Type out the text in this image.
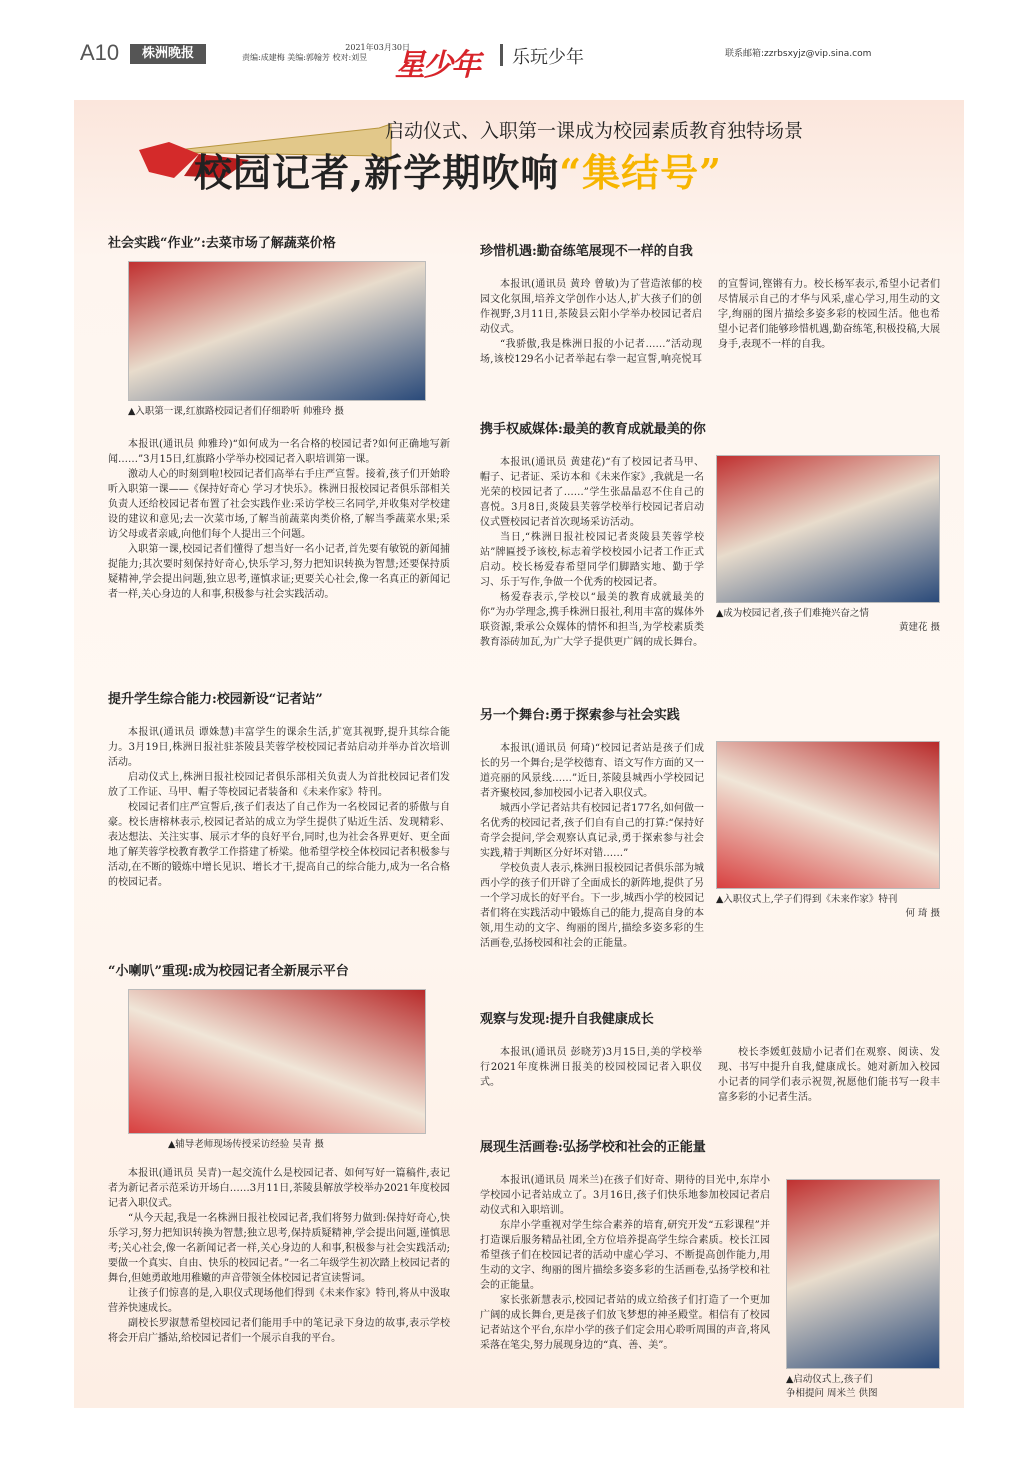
A10	株洲晚报	2021年03月30日
责编:成建梅 美编:郭翰芳 校对:刘昱 星少年 乐玩少年	联系邮箱:zzrbsxyjz@vip.sina.com
启动仪式、入职第一课成为校园素质教育独特场景
校园记者,新学期吹响“集结号”
社会实践“作业”:去菜市场了解蔬菜价格
▲入职第一课,红旗路校园记者们仔细聆听 帅雅玲 摄

本报讯(通讯员 帅雅玲)“如何成为一名合格的校园记者?如何正确地写新闻……”3月15日,红旗路小学举办校园记者入职培训第一课。

激动人心的时刻到啦!校园记者们高举右手庄严宣誓。接着,孩子们开始聆听入职第一课——《保持好奇心 学习才快乐》。株洲日报校园记者俱乐部相关负责人还给校园记者布置了社会实践作业:采访学校三名同学,并收集对学校建设的建议和意见;去一次菜市场,了解当前蔬菜肉类价格,了解当季蔬菜水果;采访父母或者亲戚,向他们每个人提出三个问题。

入职第一课,校园记者们懂得了想当好一名小记者,首先要有敏锐的新闻捕捉能力;其次要时刻保持好奇心,快乐学习,努力把知识转换为智慧;还要保持质疑精神,学会提出问题,独立思考,谨慎求证;更要关心社会,像一名真正的新闻记者一样,关心身边的人和事,积极参与社会实践活动。

提升学生综合能力:校园新设“记者站”

本报讯(通讯员 谭姝慧)丰富学生的课余生活,扩宽其视野,提升其综合能力。3月19日,株洲日报社驻茶陵县芙蓉学校校园记者站启动并举办首次培训活动。

启动仪式上,株洲日报社校园记者俱乐部相关负责人为首批校园记者们发放了工作证、马甲、帽子等校园记者装备和《未来作家》特刊。

校园记者们庄严宣誓后,孩子们表达了自己作为一名校园记者的骄傲与自豪。校长唐榕林表示,校园记者站的成立为学生提供了贴近生活、发现精彩、表达想法、关注实事、展示才华的良好平台,同时,也为社会各界更好、更全面地了解芙蓉学校教育教学工作搭建了桥梁。他希望学校全体校园记者积极参与活动,在不断的锻炼中增长见识、增长才干,提高自己的综合能力,成为一名合格的校园记者。

“小喇叭”重现:成为校园记者全新展示平台
▲辅导老师现场传授采访经验 吴青 摄

本报讯(通讯员 吴青)一起交流什么是校园记者、如何写好一篇稿件,表记者为新记者示范采访开场白……3月11日,茶陵县解放学校举办2021年度校园记者入职仪式。

“从今天起,我是一名株洲日报社校园记者,我们将努力做到:保持好奇心,快乐学习,努力把知识转换为智慧;独立思考,保持质疑精神,学会提出问题,谨慎思考;关心社会,像一名新闻记者一样,关心身边的人和事,积极参与社会实践活动;要做一个真实、自由、快乐的校园记者。”一名二年级学生初次踏上校园记者的舞台,但她勇敢地用稚嫩的声音带领全体校园记者宣读誓词。

让孩子们惊喜的是,入职仪式现场他们得到《未来作家》特刊,将从中汲取营养快速成长。

副校长罗淑慧希望校园记者们能用手中的笔记录下身边的故事,表示学校将会开启广播站,给校园记者们一个展示自我的平台。

珍惜机遇:勤奋练笔展现不一样的自我

本报讯(通讯员 黄玲 曾敏)为了营造浓郁的校园文化氛围,培养文学创作小达人,扩大孩子们的创作视野,3月11日,茶陵县云阳小学举办校园记者启动仪式。

“我骄傲,我是株洲日报的小记者……”活动现场,该校129名小记者举起右拳一起宣誓,响亮悦耳的宣誓词,铿锵有力。校长杨军表示,希望小记者们尽情展示自己的才华与风采,虚心学习,用生动的文字,绚丽的图片描绘多姿多彩的校园生活。他也希望小记者们能够珍惜机遇,勤奋练笔,积极投稿,大展身手,表现不一样的自我。

携手权威媒体:最美的教育成就最美的你

本报讯(通讯员 黄建花)“有了校园记者马甲、帽子、记者证、采访本和《未来作家》,我就是一名光荣的校园记者了……”学生张晶晶忍不住自己的喜悦。3月8日,炎陵县芙蓉学校举行校园记者启动仪式暨校园记者首次现场采访活动。

当日,“株洲日报社校园记者炎陵县芙蓉学校站”牌匾授予该校,标志着学校校园小记者工作正式启动。校长杨爱春希望同学们脚踏实地、勤于学习、乐于写作,争做一个优秀的校园记者。

杨爱春表示,学校以“最美的教育成就最美的你”为办学理念,携手株洲日报社,利用丰富的媒体外联资源,秉承公众媒体的情怀和担当,为学校素质类教育添砖加瓦,为广大学子提供更广阔的成长舞台。

▲成为校园记者,孩子们难掩兴奋之情
黄建花 摄
另一个舞台:勇于探索参与社会实践

本报讯(通讯员 何琦)“校园记者站是孩子们成长的另一个舞台;是学校德育、语文写作方面的又一道亮丽的风景线……”近日,茶陵县城西小学校园记者齐聚校园,参加校园小记者入职仪式。

城西小学记者站共有校园记者177名,如何做一名优秀的校园记者,孩子们自有自己的打算:“保持好奇学会提问,学会观察认真记录,勇于探索参与社会实践,精于判断区分好坏对错……”

学校负责人表示,株洲日报校园记者俱乐部为城西小学的孩子们开辟了全面成长的新阵地,提供了另一个学习成长的好平台。下一步,城西小学的校园记者们将在实践活动中锻炼自己的能力,提高自身的本领,用生动的文字、绚丽的图片,描绘多姿多彩的生活画卷,弘扬校园和社会的正能量。

▲入职仪式上,学子们得到《未来作家》特刊
何 琦 摄
观察与发现:提升自我健康成长

本报讯(通讯员 彭晓芳)3月15日,美的学校举行2021年度株洲日报美的校园校园记者入职仪式。

校长李媛虹鼓励小记者们在观察、阅读、发现、书写中提升自我,健康成长。她对新加入校园小记者的同学们表示祝贺,祝愿他们能书写一段丰富多彩的小记者生活。

展现生活画卷:弘扬学校和社会的正能量

本报讯(通讯员 周米兰)在孩子们好奇、期待的目光中,东岸小学校园小记者站成立了。3月16日,孩子们快乐地参加校园记者启动仪式和入职培训。

东岸小学重视对学生综合素养的培育,研究开发“五彩课程”并打造课后服务精品社团,全方位培养提高学生综合素质。校长江园希望孩子们在校园记者的活动中虚心学习、不断提高创作能力,用生动的文字、绚丽的图片描绘多姿多彩的生活画卷,弘扬学校和社会的正能量。

家长张新慧表示,校园记者站的成立给孩子们打造了一个更加广阔的成长舞台,更是孩子们放飞梦想的神圣殿堂。相信有了校园记者站这个平台,东岸小学的孩子们定会用心聆听周围的声音,将风采落在笔尖,努力展现身边的“真、善、美”。

▲启动仪式上,孩子们
争相提问 周米兰 供图
